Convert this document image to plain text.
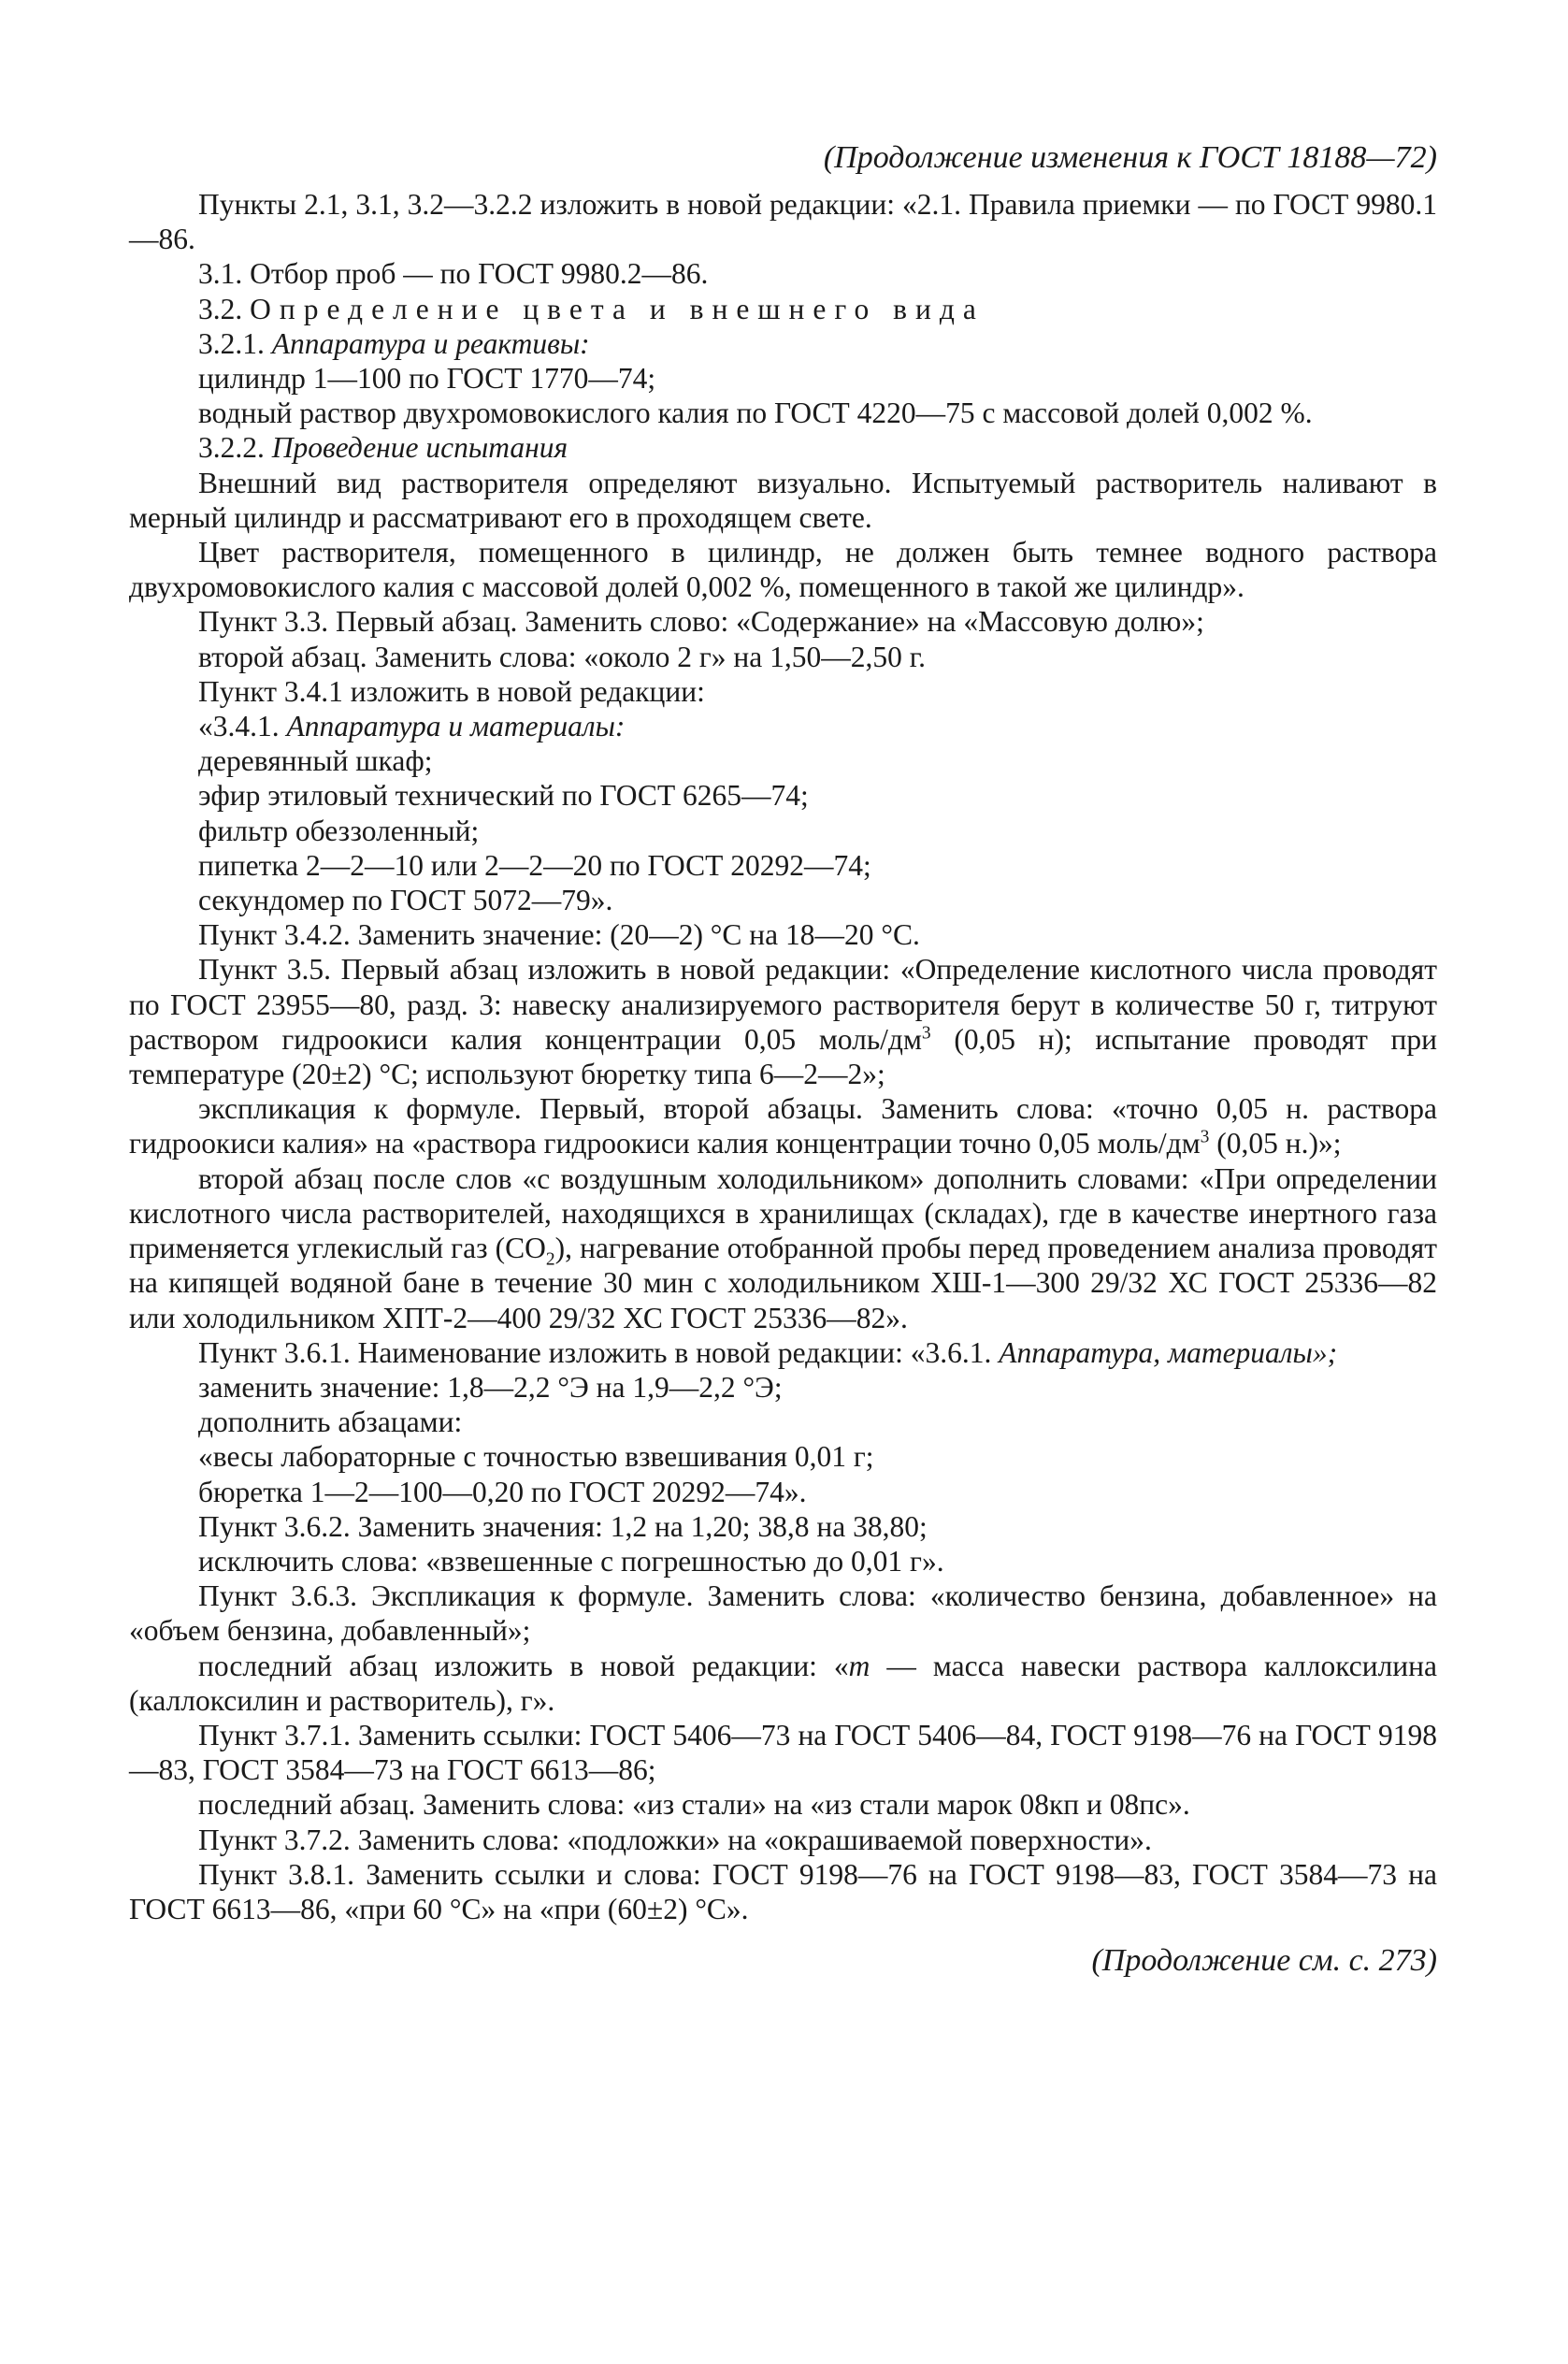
(Продолжение изменения к ГОСТ 18188—72)

Пункты 2.1, 3.1, 3.2—3.2.2 изложить в новой редакции: «2.1. Правила приемки — по ГОСТ 9980.1—86.

3.1. Отбор проб — по ГОСТ 9980.2—86.

3.2. Определение цвета и внешнего вида

3.2.1. Аппаратура и реактивы:

цилиндр 1—100 по ГОСТ 1770—74;

водный раствор двухромовокислого калия по ГОСТ 4220—75 с массовой долей 0,002 %.

3.2.2. Проведение испытания

Внешний вид растворителя определяют визуально. Испытуемый растворитель наливают в мерный цилиндр и рассматривают его в проходящем свете.

Цвет растворителя, помещенного в цилиндр, не должен быть темнее водного раствора двухромовокислого калия с массовой долей 0,002 %, помещенного в такой же цилиндр».

Пункт 3.3. Первый абзац. Заменить слово: «Содержание» на «Массовую долю»;

второй абзац. Заменить слова: «около 2 г» на 1,50—2,50 г.

Пункт 3.4.1 изложить в новой редакции:

«3.4.1. Аппаратура и материалы:

деревянный шкаф;

эфир этиловый технический по ГОСТ 6265—74;

фильтр обеззоленный;

пипетка 2—2—10 или 2—2—20 по ГОСТ 20292—74;

секундомер по ГОСТ 5072—79».

Пункт 3.4.2. Заменить значение: (20—2) °С на 18—20 °С.

Пункт 3.5. Первый абзац изложить в новой редакции: «Определение кислотного числа проводят по ГОСТ 23955—80, разд. 3: навеску анализируемого растворителя берут в количестве 50 г, титруют раствором гидроокиси калия концентрации 0,05 моль/$дм^3$ (0,05 н); испытание проводят при температуре (20±2) °С; используют бюретку типа 6—2—2»;

экспликация к формуле. Первый, второй абзацы. Заменить слова: «точно 0,05 н. раствора гидроокиси калия» на «раствора гидроокиси калия концентрации точно 0,05 моль/$дм^3$ (0,05 н.)»;

второй абзац после слов «с воздушным холодильником» дополнить словами: «При определении кислотного числа растворителей, находящихся в хранилищах (складах), где в качестве инертного газа применяется углекислый газ $(CO_2)$, нагревание отобранной пробы перед проведением анализа проводят на кипящей водяной бане в течение 30 мин с холодильником ХШ-1—300 29/32 ХС ГОСТ 25336—82 или холодильником ХПТ-2—400 29/32 ХС ГОСТ 25336—82».

Пункт 3.6.1. Наименование изложить в новой редакции: «3.6.1. Аппаратура, материалы»;

заменить значение: 1,8—2,2 °Э на 1,9—2,2 °Э;

дополнить абзацами:

«весы лабораторные с точностью взвешивания 0,01 г;

бюретка 1—2—100—0,20 по ГОСТ 20292—74».

Пункт 3.6.2. Заменить значения: 1,2 на 1,20; 38,8 на 38,80;

исключить слова: «взвешенные с погрешностью до 0,01 г».

Пункт 3.6.3. Экспликация к формуле. Заменить слова: «количество бензина, добавленное» на «объем бензина, добавленный»;

последний абзац изложить в новой редакции: «m — масса навески раствора каллоксилина (каллоксилин и растворитель), г».

Пункт 3.7.1. Заменить ссылки: ГОСТ 5406—73 на ГОСТ 5406—84, ГОСТ 9198—76 на ГОСТ 9198—83, ГОСТ 3584—73 на ГОСТ 6613—86;

последний абзац. Заменить слова: «из стали» на «из стали марок 08кп и 08пс».

Пункт 3.7.2. Заменить слова: «подложки» на «окрашиваемой поверхности».

Пункт 3.8.1. Заменить ссылки и слова: ГОСТ 9198—76 на ГОСТ 9198—83, ГОСТ 3584—73 на ГОСТ 6613—86, «при 60 °С» на «при (60±2) °С».

(Продолжение см. с. 273)
